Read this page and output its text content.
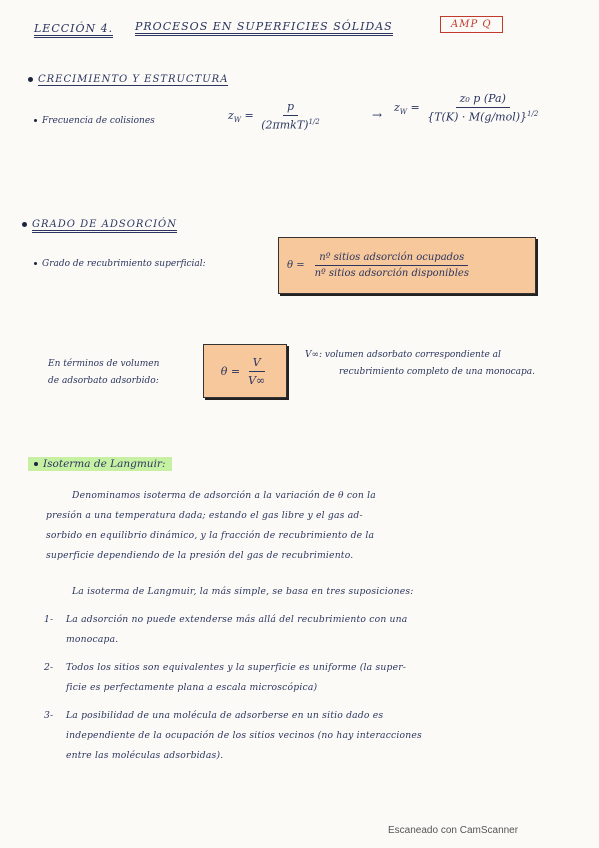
LECCIÓN 4. PROCESOS EN SUPERFICIES SÓLIDAS	AMP Q
CRECIMIENTO Y ESTRUCTURA
Frecuencia de colisiones	$z_W = \frac{p}{(2\pi mkT)^{1/2}}$	→
$z_W = \frac{\text{z₀ p (Pa)}}{\{T(K) \cdot M(g/mol)\}^{1/2}}$
GRADO DE ADSORCIÓN
Grado de recubrimiento superficial:	$\theta = \frac{\text{nº sitios adsorción ocupados}}{\text{nº sitios adsorción disponibles}}$
En términos de volumen
de adsorbato adsorbido:
$\theta = \frac{V}{V\infty}$
V∞: volumen adsorbato correspondiente al
recubrimiento completo de una monocapa.
Isoterma de Langmuir:
Denominamos isoterma de adsorción a la variación de θ con la
presión a una temperatura dada; estando el gas libre y el gas ad-
sorbido en equilibrio dinámico, y la fracción de recubrimiento de la
superficie dependiendo de la presión del gas de recubrimiento.
La isoterma de Langmuir, la más simple, se basa en tres suposiciones:
1-	La adsorción no puede extenderse más allá del recubrimiento con una
monocapa.
2-	Todos los sitios son equivalentes y la superficie es uniforme (la super-
ficie es perfectamente plana a escala microscópica)
3-	La posibilidad de una molécula de adsorberse en un sitio dado es
independiente de la ocupación de los sitios vecinos (no hay interacciones
entre las moléculas adsorbidas).
Escaneado con CamScanner
